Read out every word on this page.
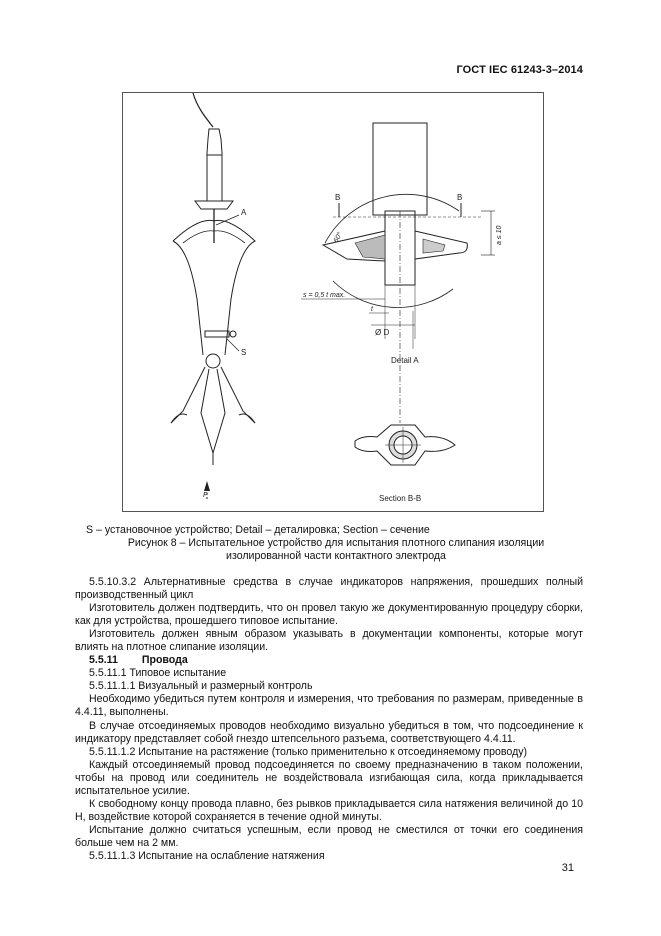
ГОСТ IEC 61243-3–2014
A
S
F
B	B
a ≤ 10
60°
s = 0,5 t max.
t
Ø D
Detail A
Section B-B
S – установочное устройство; Detail – деталировка; Section – сечение
Рисунок 8 – Испытательное устройство для испытания плотного слипания изоляции
изолированной части контактного электрода

5.5.10.3.2 Альтернативные средства в случае индикаторов напряжения, прошедших полный производственный цикл

Изготовитель должен подтвердить, что он провел такую же документированную процедуру сборки, как для устройства, прошедшего типовое испытание.

Изготовитель должен явным образом указывать в документации компоненты, которые могут влиять на плотное слипание изоляции.

5.5.11 Провода

5.5.11.1 Типовое испытание

5.5.11.1.1 Визуальный и размерный контроль

Необходимо убедиться путем контроля и измерения, что требования по размерам, приведенные в 4.4.11, выполнены.

В случае отсоединяемых проводов необходимо визуально убедиться в том, что подсоединение к индикатору представляет собой гнездо штепсельного разъема, соответствующего 4.4.11.

5.5.11.1.2 Испытание на растяжение (только применительно к отсоединяемому проводу)

Каждый отсоединяемый провод подсоединяется по своему предназначению в таком положении, чтобы на провод или соединитель не воздействовала изгибающая сила, когда прикладывается испытательное усилие.

К свободному концу провода плавно, без рывков прикладывается сила натяжения величиной до 10 Н, воздействие которой сохраняется в течение одной минуты.

Испытание должно считаться успешным, если провод не сместился от точки его соединения больше чем на 2 мм.

5.5.11.1.3 Испытание на ослабление натяжения

31
